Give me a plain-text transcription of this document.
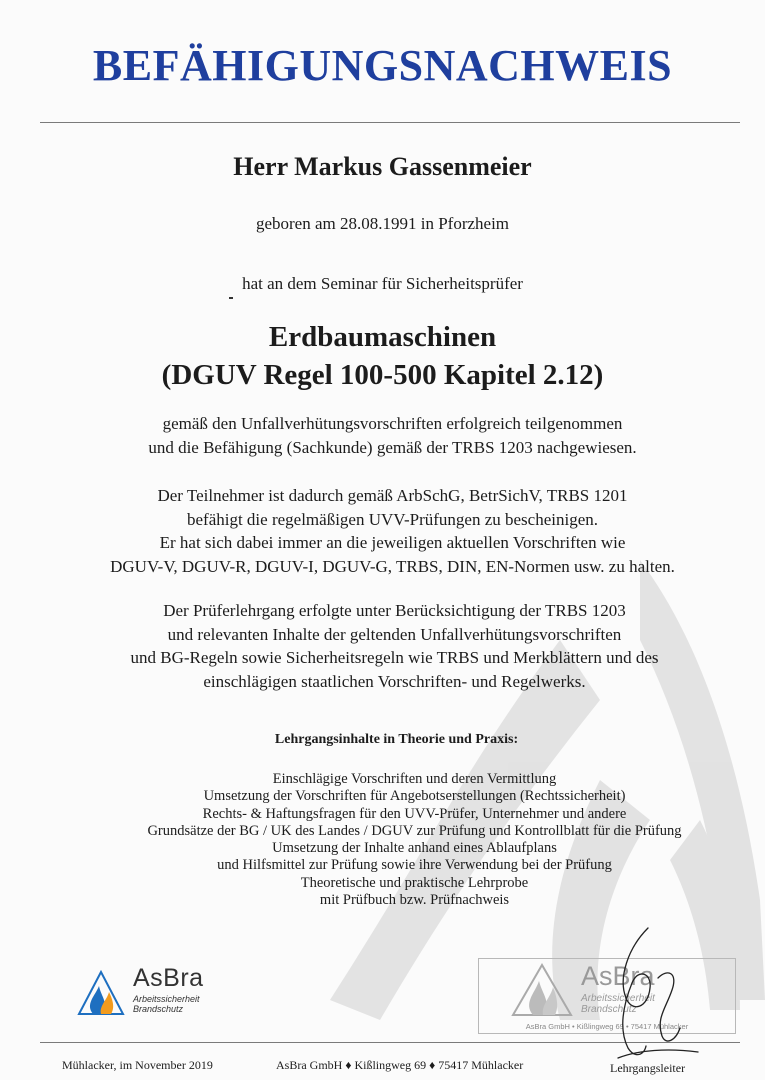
BEFÄHIGUNGSNACHWEIS
Herr Markus Gassenmeier
geboren am 28.08.1991 in Pforzheim
hat an dem Seminar für Sicherheitsprüfer
Erdbaumaschinen
(DGUV Regel 100-500 Kapitel 2.12)
gemäß den Unfallverhütungsvorschriften erfolgreich teilgenommen
und die Befähigung (Sachkunde) gemäß der TRBS 1203 nachgewiesen.
Der Teilnehmer ist dadurch gemäß ArbSchG, BetrSichV, TRBS 1201
befähigt die regelmäßigen UVV-Prüfungen zu bescheinigen.
Er hat sich dabei immer an die jeweiligen aktuellen Vorschriften wie
DGUV-V, DGUV-R, DGUV-I, DGUV-G, TRBS, DIN, EN-Normen usw. zu halten.
Der Prüferlehrgang erfolgte unter Berücksichtigung der TRBS 1203
und relevanten Inhalte der geltenden Unfallverhütungsvorschriften
und BG-Regeln sowie Sicherheitsregeln wie TRBS und Merkblättern und des
einschlägigen staatlichen Vorschriften- und Regelwerks.
Lehrgangsinhalte in Theorie und Praxis:
Einschlägige Vorschriften und deren Vermittlung
Umsetzung der Vorschriften für Angebotserstellungen (Rechtssicherheit)
Rechts- & Haftungsfragen für den UVV-Prüfer, Unternehmer und andere
Grundsätze der BG / UK des Landes / DGUV zur Prüfung und Kontrollblatt für die Prüfung
Umsetzung der Inhalte anhand eines Ablaufplans
und Hilfsmittel zur Prüfung sowie ihre Verwendung bei der Prüfung
Theoretische und praktische Lehrprobe
mit Prüfbuch bzw. Prüfnachweis
AsBra
Arbeitssicherheit
Brandschutz
AsBra
Arbeitssicherheit
Brandschutz
AsBra GmbH • Kißlingweg 69 • 75417 Mühlacker
Mühlacker, im November 2019	AsBra GmbH ♦ Kißlingweg 69 ♦ 75417 Mühlacker	Lehrgangsleiter
